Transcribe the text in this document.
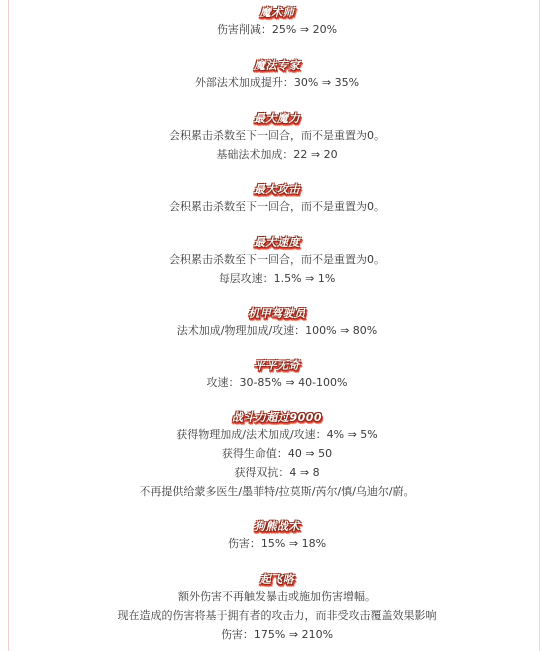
魔术师
伤害削减：25% ⇒ 20%
魔法专家
外部法术加成提升：30% ⇒ 35%
最大魔力
会积累击杀数至下一回合，而不是重置为0。
基础法术加成：22 ⇒ 20
最大攻击
会积累击杀数至下一回合，而不是重置为0。
最大速度
会积累击杀数至下一回合，而不是重置为0。
每层攻速：1.5% ⇒ 1%
机甲驾驶员
法术加成/物理加成/攻速：100% ⇒ 80%
平平无奇
攻速：30-85% ⇒ 40-100%
战斗力超过9000
获得物理加成/法术加成/攻速：4% ⇒ 5%
获得生命值：40 ⇒ 50
获得双抗：4 ⇒ 8
不再提供给蒙多医生/墨菲特/拉莫斯/芮尔/慎/乌迪尔/蔚。
狗熊战术
伤害：15% ⇒ 18%
起飞咯
额外伤害不再触发暴击或施加伤害增幅。
现在造成的伤害将基于拥有者的攻击力，而非受攻击覆盖效果影响
伤害：175% ⇒ 210%
